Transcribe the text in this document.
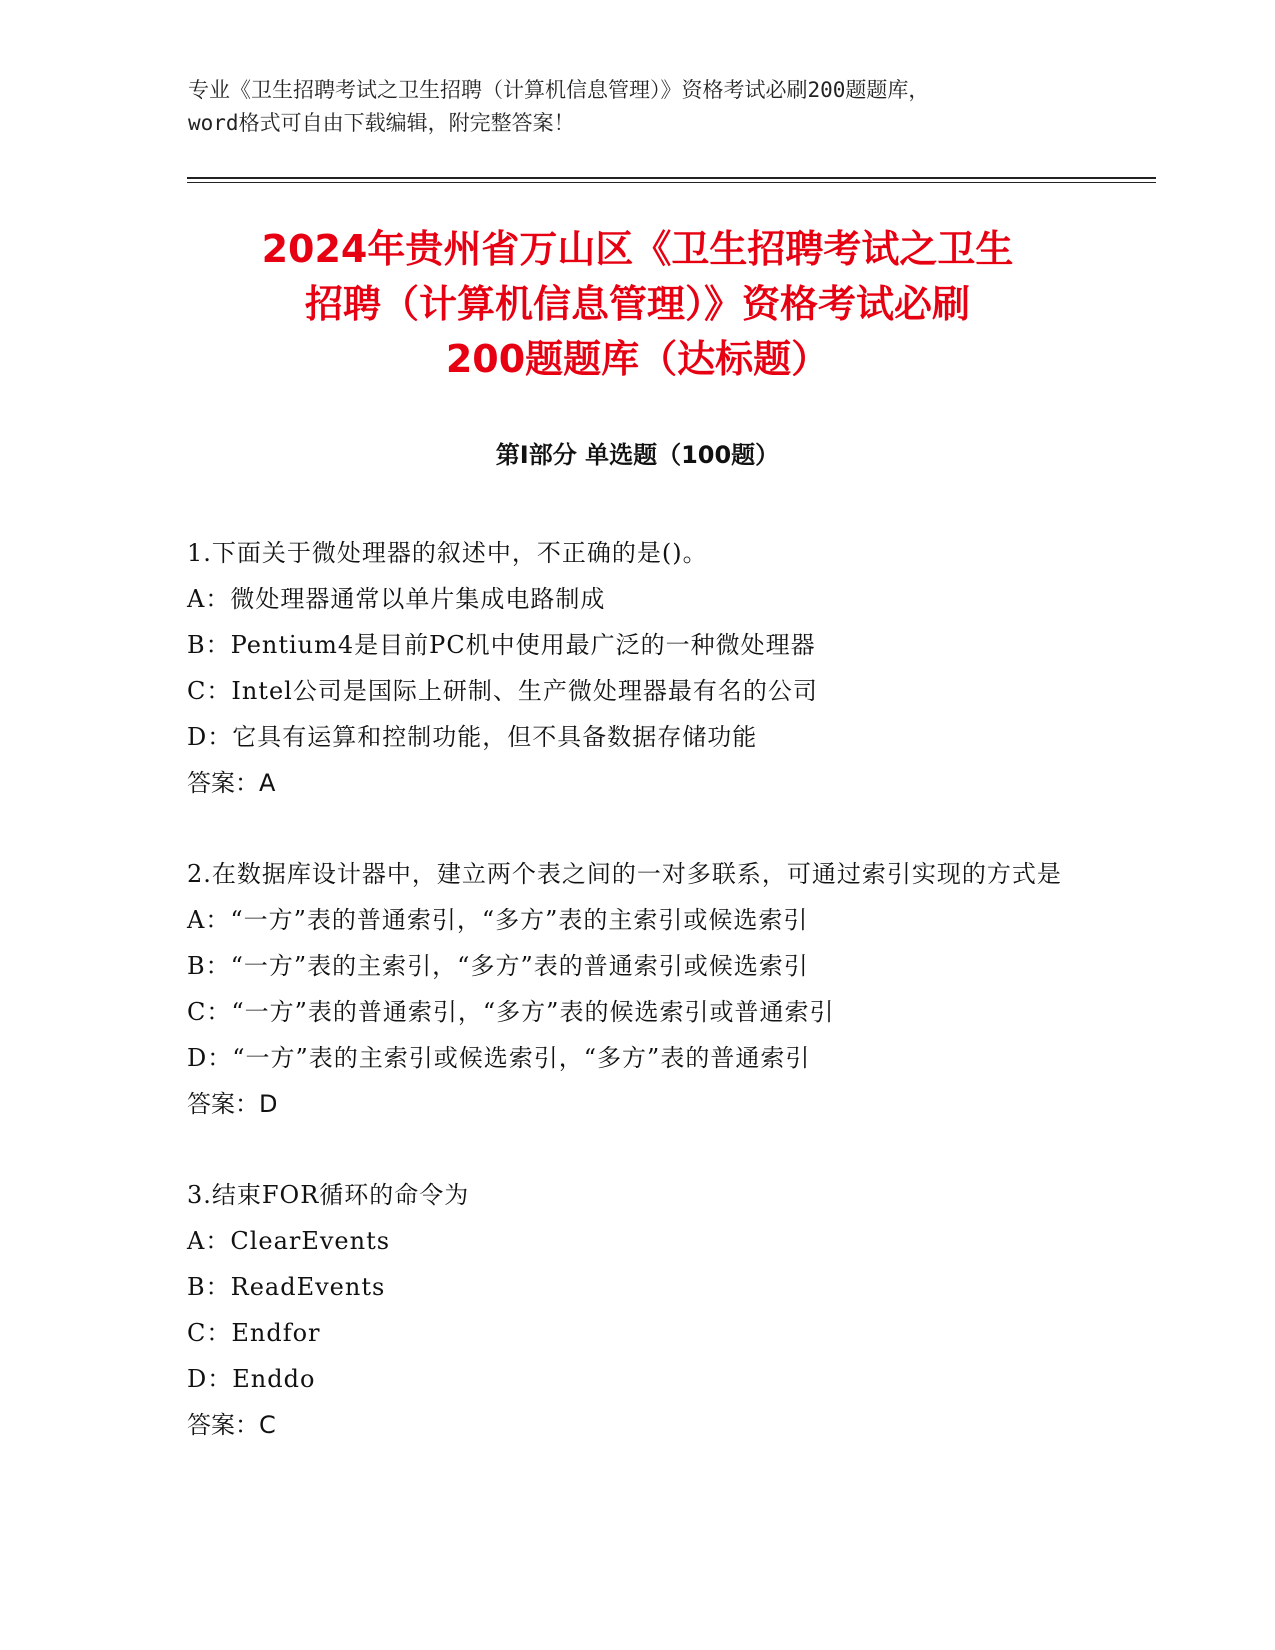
专业《卫生招聘考试之卫生招聘（计算机信息管理）》资格考试必刷200题题库，
word格式可自由下载编辑，附完整答案！
2024年贵州省万山区《卫生招聘考试之卫生
招聘（计算机信息管理）》资格考试必刷
200题题库（达标题）
第Ⅰ部分 单选题（100题）
1.下面关于微处理器的叙述中，不正确的是()。
A：微处理器通常以单片集成电路制成
B：Pentium4是目前PC机中使用最广泛的一种微处理器
C：Intel公司是国际上研制、生产微处理器最有名的公司
D：它具有运算和控制功能，但不具备数据存储功能
答案：A
2.在数据库设计器中，建立两个表之间的一对多联系，可通过索引实现的方式是
A：“一方”表的普通索引，“多方”表的主索引或候选索引
B：“一方”表的主索引，“多方”表的普通索引或候选索引
C：“一方”表的普通索引，“多方”表的候选索引或普通索引
D：“一方”表的主索引或候选索引，“多方”表的普通索引
答案：D
3.结束FOR循环的命令为
A：ClearEvents
B：ReadEvents
C：Endfor
D：Enddo
答案：C
